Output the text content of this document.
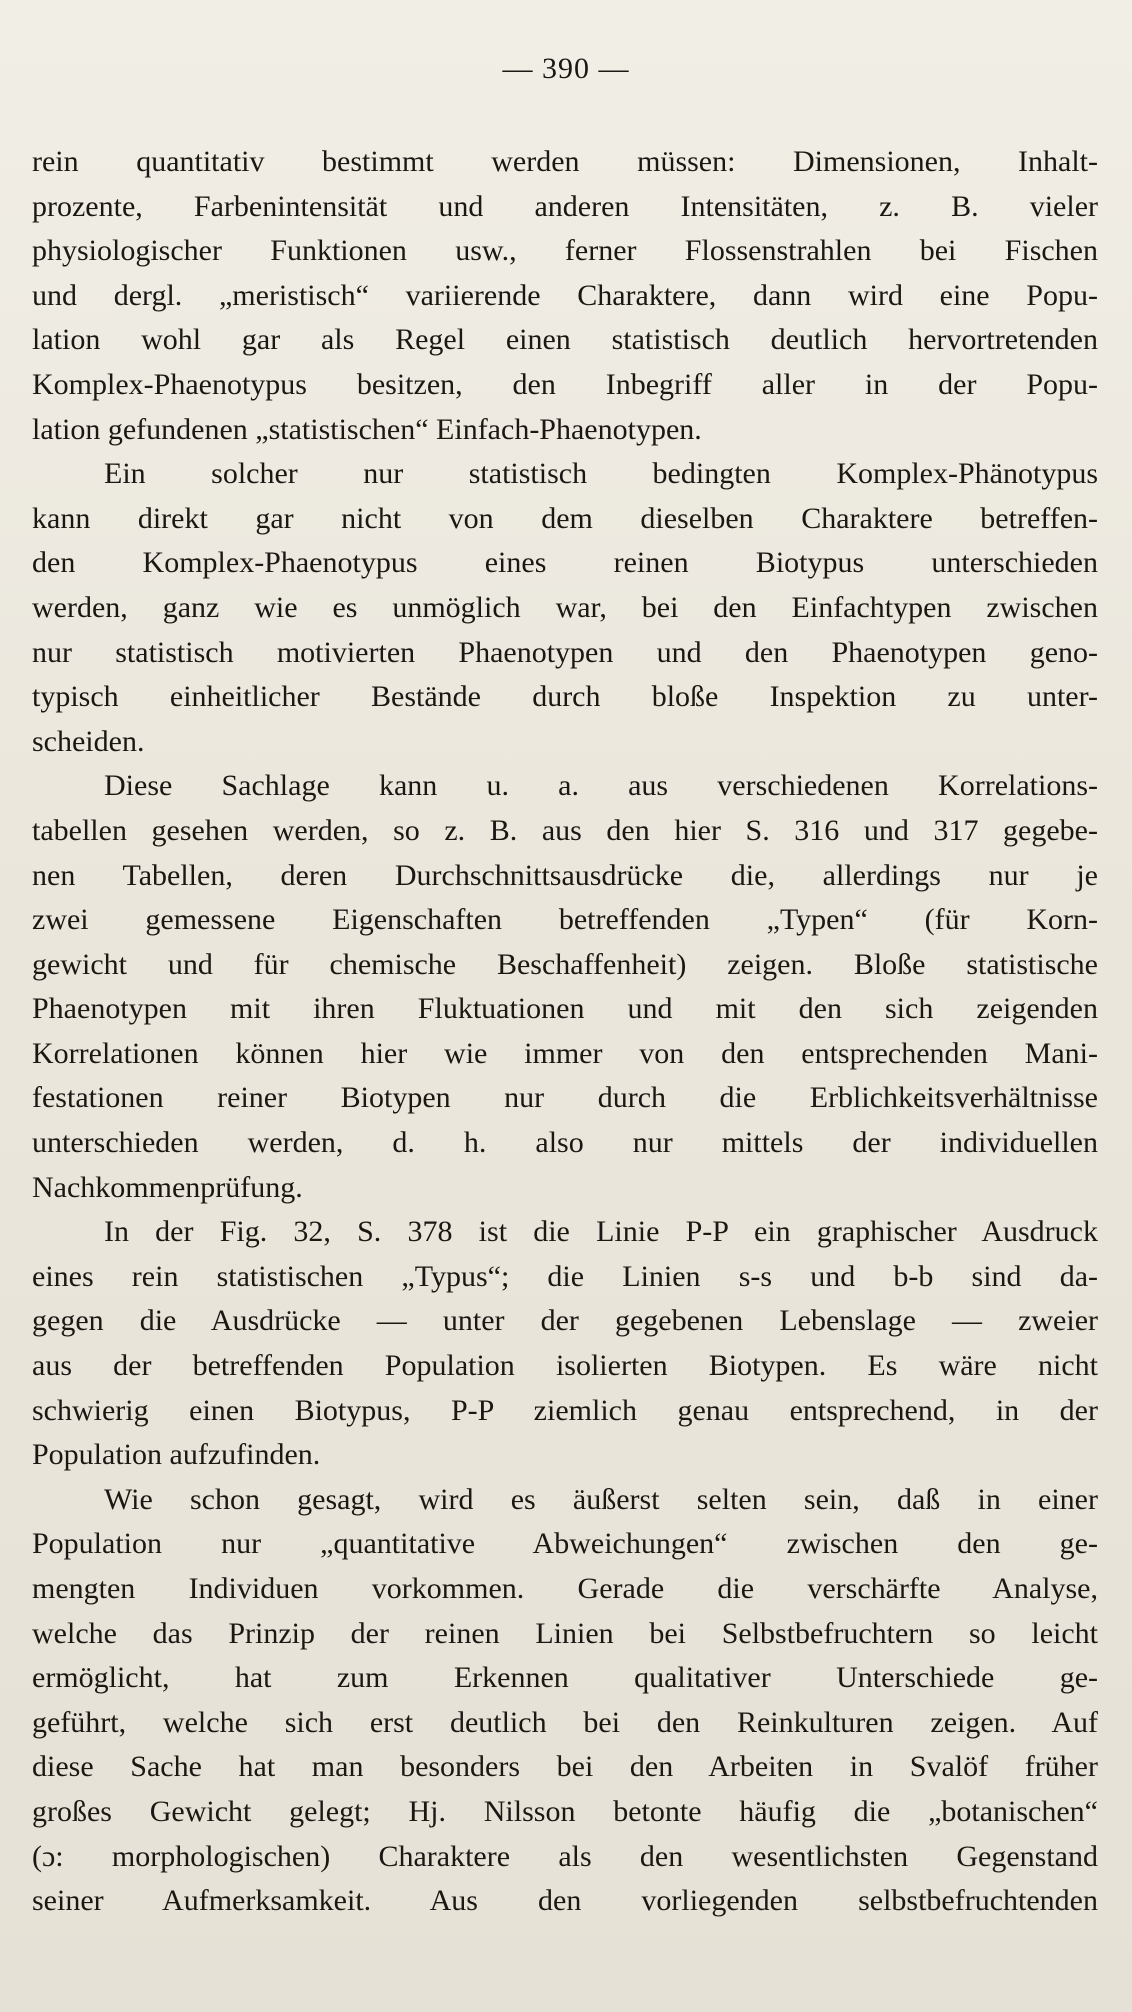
— 390 —
rein quantitativ bestimmt werden müssen: Dimensionen, Inhalt-
prozente, Farbenintensität und anderen Intensitäten, z. B. vieler
physiologischer Funktionen usw., ferner Flossenstrahlen bei Fischen
und dergl. „meristisch“ variierende Charaktere, dann wird eine Popu-
lation wohl gar als Regel einen statistisch deutlich hervortretenden
Komplex-Phaenotypus besitzen, den Inbegriff aller in der Popu-
lation gefundenen „statistischen“ Einfach-Phaenotypen.
Ein solcher nur statistisch bedingten Komplex-Phänotypus
kann direkt gar nicht von dem dieselben Charaktere betreffen-
den Komplex-Phaenotypus eines reinen Biotypus unterschieden
werden, ganz wie es unmöglich war, bei den Einfachtypen zwischen
nur statistisch motivierten Phaenotypen und den Phaenotypen geno-
typisch einheitlicher Bestände durch bloße Inspektion zu unter-
scheiden.
Diese Sachlage kann u. a. aus verschiedenen Korrelations-
tabellen gesehen werden, so z. B. aus den hier S. 316 und 317 gegebe-
nen Tabellen, deren Durchschnittsausdrücke die, allerdings nur je
zwei gemessene Eigenschaften betreffenden „Typen“ (für Korn-
gewicht und für chemische Beschaffenheit) zeigen. Bloße statistische
Phaenotypen mit ihren Fluktuationen und mit den sich zeigenden
Korrelationen können hier wie immer von den entsprechenden Mani-
festationen reiner Biotypen nur durch die Erblichkeitsverhältnisse
unterschieden werden, d. h. also nur mittels der individuellen
Nachkommenprüfung.
In der Fig. 32, S. 378 ist die Linie P-P ein graphischer Ausdruck
eines rein statistischen „Typus“; die Linien s-s und b-b sind da-
gegen die Ausdrücke — unter der gegebenen Lebenslage — zweier
aus der betreffenden Population isolierten Biotypen. Es wäre nicht
schwierig einen Biotypus, P-P ziemlich genau entsprechend, in der
Population aufzufinden.
Wie schon gesagt, wird es äußerst selten sein, daß in einer
Population nur „quantitative Abweichungen“ zwischen den ge-
mengten Individuen vorkommen. Gerade die verschärfte Analyse,
welche das Prinzip der reinen Linien bei Selbstbefruchtern so leicht
ermöglicht, hat zum Erkennen qualitativer Unterschiede ge-
geführt, welche sich erst deutlich bei den Reinkulturen zeigen. Auf
diese Sache hat man besonders bei den Arbeiten in Svalöf früher
großes Gewicht gelegt; Hj. Nilsson betonte häufig die „botanischen“
(ɔ: morphologischen) Charaktere als den wesentlichsten Gegenstand
seiner Aufmerksamkeit. Aus den vorliegenden selbstbefruchtenden
